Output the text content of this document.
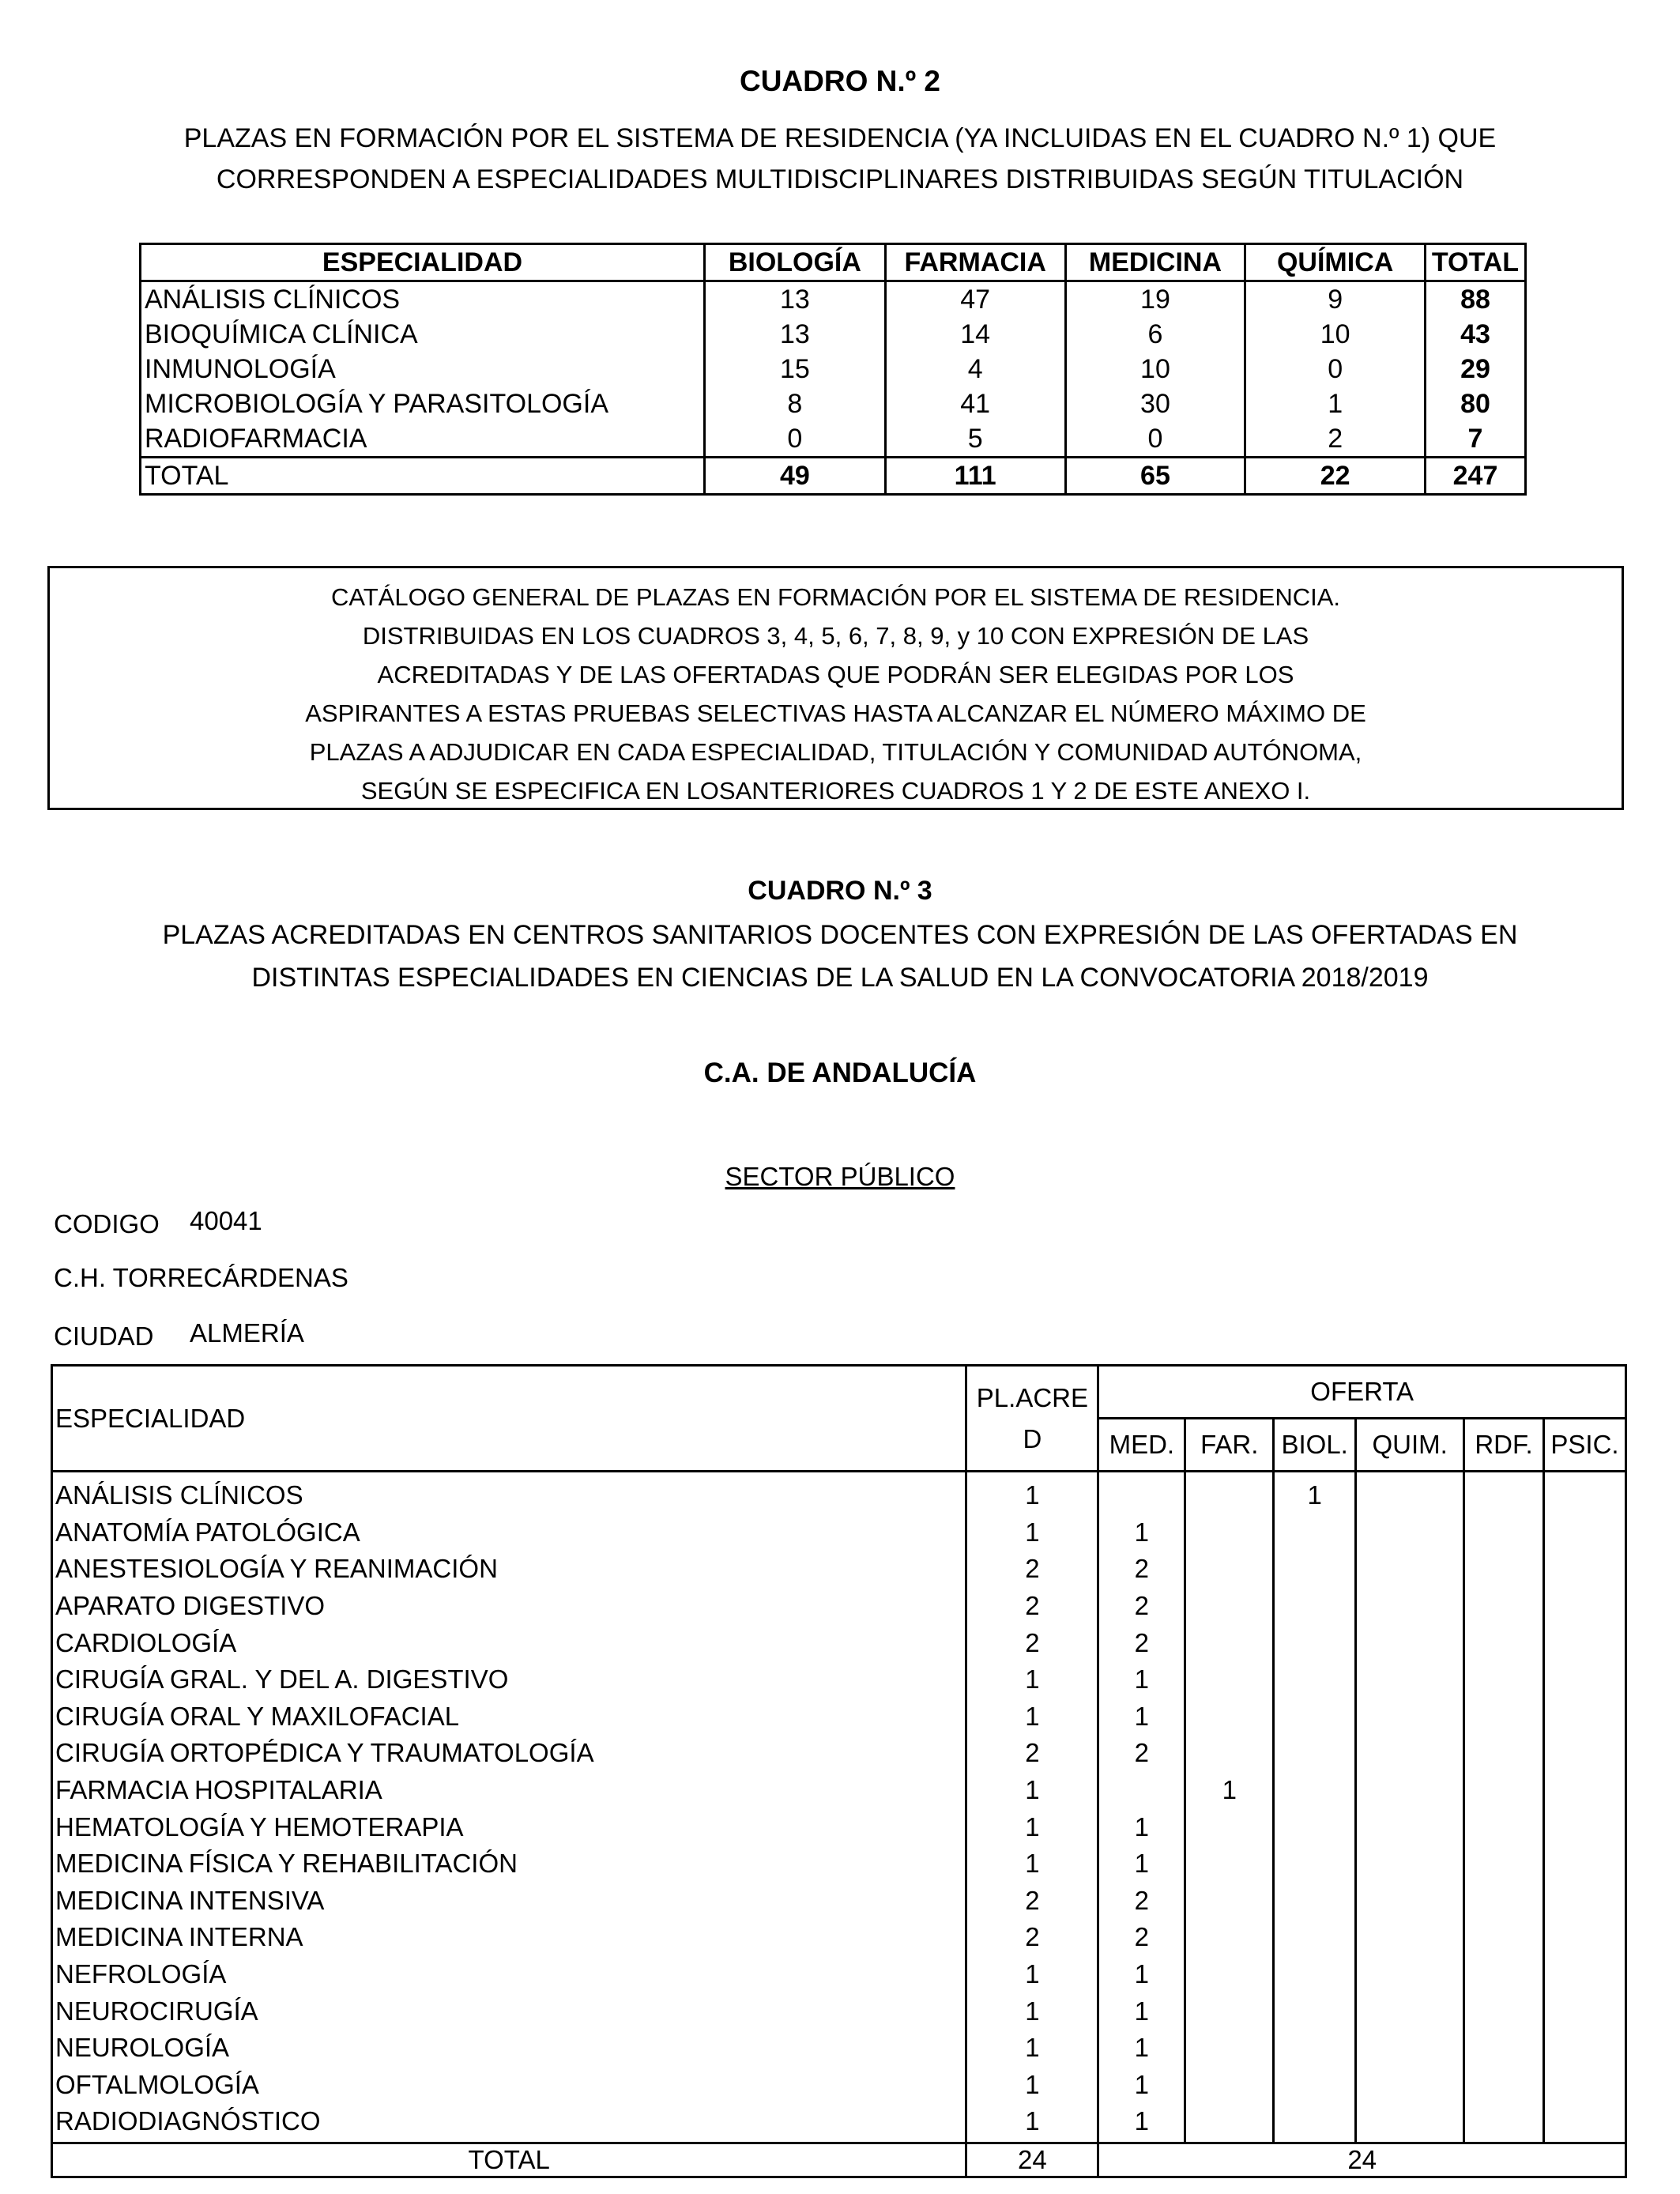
CUADRO N.º 2
PLAZAS EN FORMACIÓN POR EL SISTEMA DE RESIDENCIA (YA INCLUIDAS EN EL CUADRO N.º 1) QUE
CORRESPONDEN A ESPECIALIDADES MULTIDISCIPLINARES DISTRIBUIDAS SEGÚN TITULACIÓN
ESPECIALIDAD	BIOLOGÍA	FARMACIA	MEDICINA	QUÍMICA	TOTAL
ANÁLISIS CLÍNICOS	13	47	19	9	88
BIOQUÍMICA CLÍNICA	13	14	6	10	43
INMUNOLOGÍA	15	4	10	0	29
MICROBIOLOGÍA Y PARASITOLOGÍA	8	41	30	1	80
RADIOFARMACIA	0	5	0	2	7
TOTAL	49	111	65	22	247
CATÁLOGO GENERAL DE PLAZAS EN FORMACIÓN POR EL SISTEMA DE RESIDENCIA.
DISTRIBUIDAS EN LOS CUADROS 3, 4, 5, 6, 7, 8, 9, y 10 CON EXPRESIÓN DE LAS
ACREDITADAS Y DE LAS OFERTADAS QUE PODRÁN SER ELEGIDAS POR LOS
ASPIRANTES A ESTAS PRUEBAS SELECTIVAS HASTA ALCANZAR EL NÚMERO MÁXIMO DE
PLAZAS A ADJUDICAR EN CADA ESPECIALIDAD, TITULACIÓN Y COMUNIDAD AUTÓNOMA,
SEGÚN SE ESPECIFICA EN LOSANTERIORES CUADROS 1 Y 2 DE ESTE ANEXO I.
CUADRO N.º 3
PLAZAS ACREDITADAS EN CENTROS SANITARIOS DOCENTES CON EXPRESIÓN DE LAS OFERTADAS EN
DISTINTAS ESPECIALIDADES EN CIENCIAS DE LA SALUD EN LA CONVOCATORIA 2018/2019
C.A. DE ANDALUCÍA
SECTOR PÚBLICO
CODIGO 40041
C.H. TORRECÁRDENAS
CIUDAD ALMERÍA
ESPECIALIDAD	PL.ACRE
D	OFERTA					
		MED.	FAR.	BIOL.	QUIM.	RDF.	PSIC.
ANÁLISIS CLÍNICOS	1			1			
ANATOMÍA PATOLÓGICA	1	1					
ANESTESIOLOGÍA Y REANIMACIÓN	2	2					
APARATO DIGESTIVO	2	2					
CARDIOLOGÍA	2	2					
CIRUGÍA GRAL. Y DEL A. DIGESTIVO	1	1					
CIRUGÍA ORAL Y MAXILOFACIAL	1	1					
CIRUGÍA ORTOPÉDICA Y TRAUMATOLOGÍA	2	2					
FARMACIA HOSPITALARIA	1		1				
HEMATOLOGÍA Y HEMOTERAPIA	1	1					
MEDICINA FÍSICA Y REHABILITACIÓN	1	1					
MEDICINA INTENSIVA	2	2					
MEDICINA INTERNA	2	2					
NEFROLOGÍA	1	1					
NEUROCIRUGÍA	1	1					
NEUROLOGÍA	1	1					
OFTALMOLOGÍA	1	1					
RADIODIAGNÓSTICO	1	1					
TOTAL	24	24					
